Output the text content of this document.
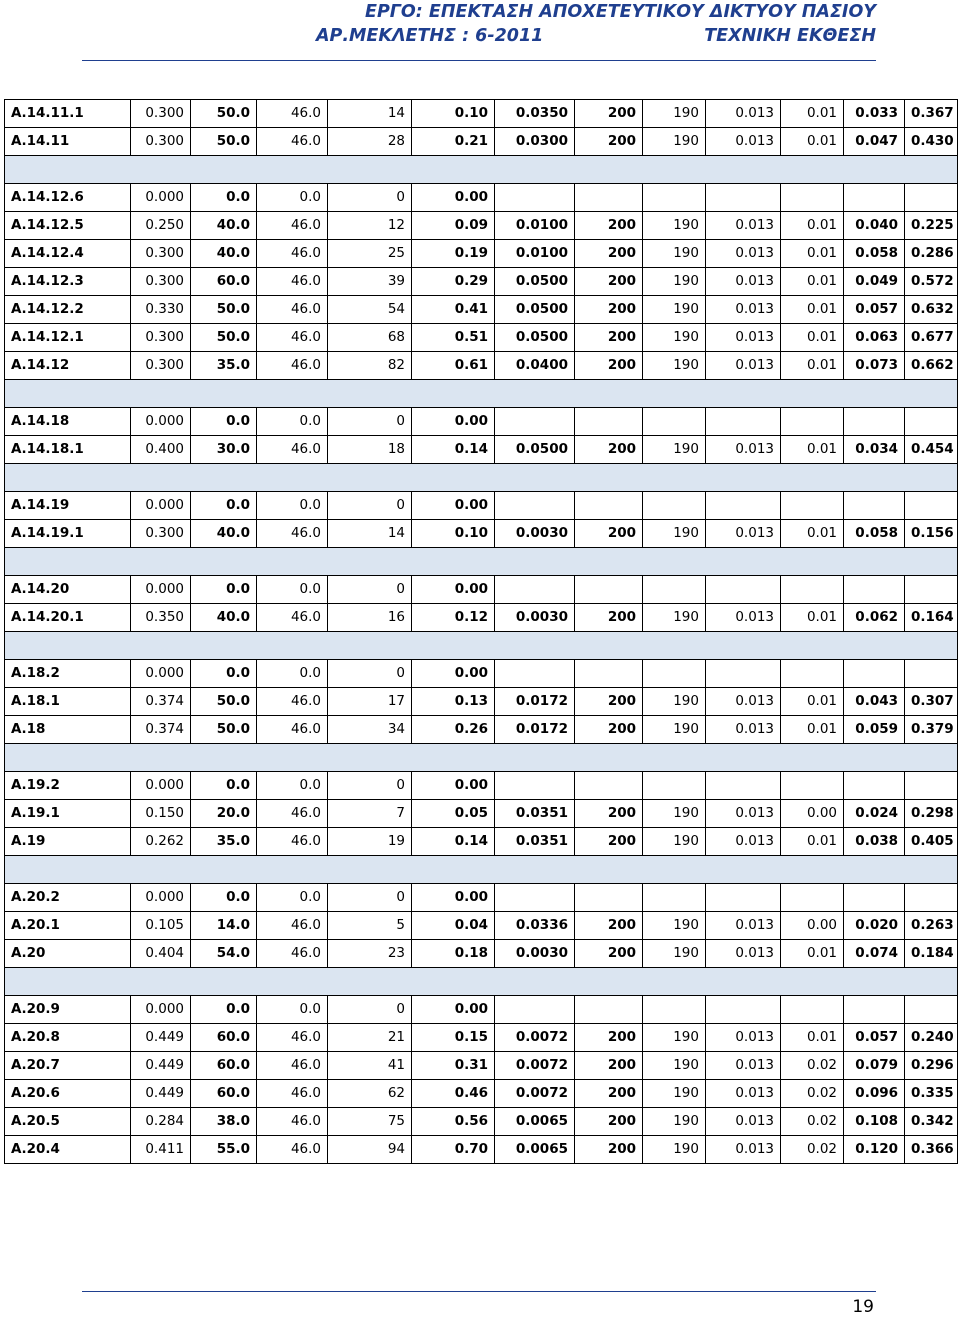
ΕΡΓΟ: ΕΠΕΚΤΑΣΗ ΑΠΟΧΕΤΕΥΤΙΚΟΥ ΔΙΚΤΥΟΥ ΠΑΣΙΟΥ
ΑΡ.ΜΕΚΛΕΤΗΣ : 6-2011	ΤΕΧΝΙΚΗ ΕΚΘΕΣΗ
Α.14.11.1	0.300	50.0	46.0	14	0.10	0.0350	200	190	0.013	0.01	0.033	0.367
Α.14.11	0.300	50.0	46.0	28	0.21	0.0300	200	190	0.013	0.01	0.047	0.430

Α.14.12.6	0.000	0.0	0.0	0	0.00							
Α.14.12.5	0.250	40.0	46.0	12	0.09	0.0100	200	190	0.013	0.01	0.040	0.225
Α.14.12.4	0.300	40.0	46.0	25	0.19	0.0100	200	190	0.013	0.01	0.058	0.286
Α.14.12.3	0.300	60.0	46.0	39	0.29	0.0500	200	190	0.013	0.01	0.049	0.572
Α.14.12.2	0.330	50.0	46.0	54	0.41	0.0500	200	190	0.013	0.01	0.057	0.632
Α.14.12.1	0.300	50.0	46.0	68	0.51	0.0500	200	190	0.013	0.01	0.063	0.677
Α.14.12	0.300	35.0	46.0	82	0.61	0.0400	200	190	0.013	0.01	0.073	0.662

Α.14.18	0.000	0.0	0.0	0	0.00							
Α.14.18.1	0.400	30.0	46.0	18	0.14	0.0500	200	190	0.013	0.01	0.034	0.454

Α.14.19	0.000	0.0	0.0	0	0.00							
Α.14.19.1	0.300	40.0	46.0	14	0.10	0.0030	200	190	0.013	0.01	0.058	0.156

Α.14.20	0.000	0.0	0.0	0	0.00							
Α.14.20.1	0.350	40.0	46.0	16	0.12	0.0030	200	190	0.013	0.01	0.062	0.164

Α.18.2	0.000	0.0	0.0	0	0.00							
Α.18.1	0.374	50.0	46.0	17	0.13	0.0172	200	190	0.013	0.01	0.043	0.307
Α.18	0.374	50.0	46.0	34	0.26	0.0172	200	190	0.013	0.01	0.059	0.379

Α.19.2	0.000	0.0	0.0	0	0.00							
Α.19.1	0.150	20.0	46.0	7	0.05	0.0351	200	190	0.013	0.00	0.024	0.298
Α.19	0.262	35.0	46.0	19	0.14	0.0351	200	190	0.013	0.01	0.038	0.405

Α.20.2	0.000	0.0	0.0	0	0.00							
Α.20.1	0.105	14.0	46.0	5	0.04	0.0336	200	190	0.013	0.00	0.020	0.263
Α.20	0.404	54.0	46.0	23	0.18	0.0030	200	190	0.013	0.01	0.074	0.184

Α.20.9	0.000	0.0	0.0	0	0.00							
Α.20.8	0.449	60.0	46.0	21	0.15	0.0072	200	190	0.013	0.01	0.057	0.240
Α.20.7	0.449	60.0	46.0	41	0.31	0.0072	200	190	0.013	0.02	0.079	0.296
Α.20.6	0.449	60.0	46.0	62	0.46	0.0072	200	190	0.013	0.02	0.096	0.335
Α.20.5	0.284	38.0	46.0	75	0.56	0.0065	200	190	0.013	0.02	0.108	0.342
Α.20.4	0.411	55.0	46.0	94	0.70	0.0065	200	190	0.013	0.02	0.120	0.366
19
